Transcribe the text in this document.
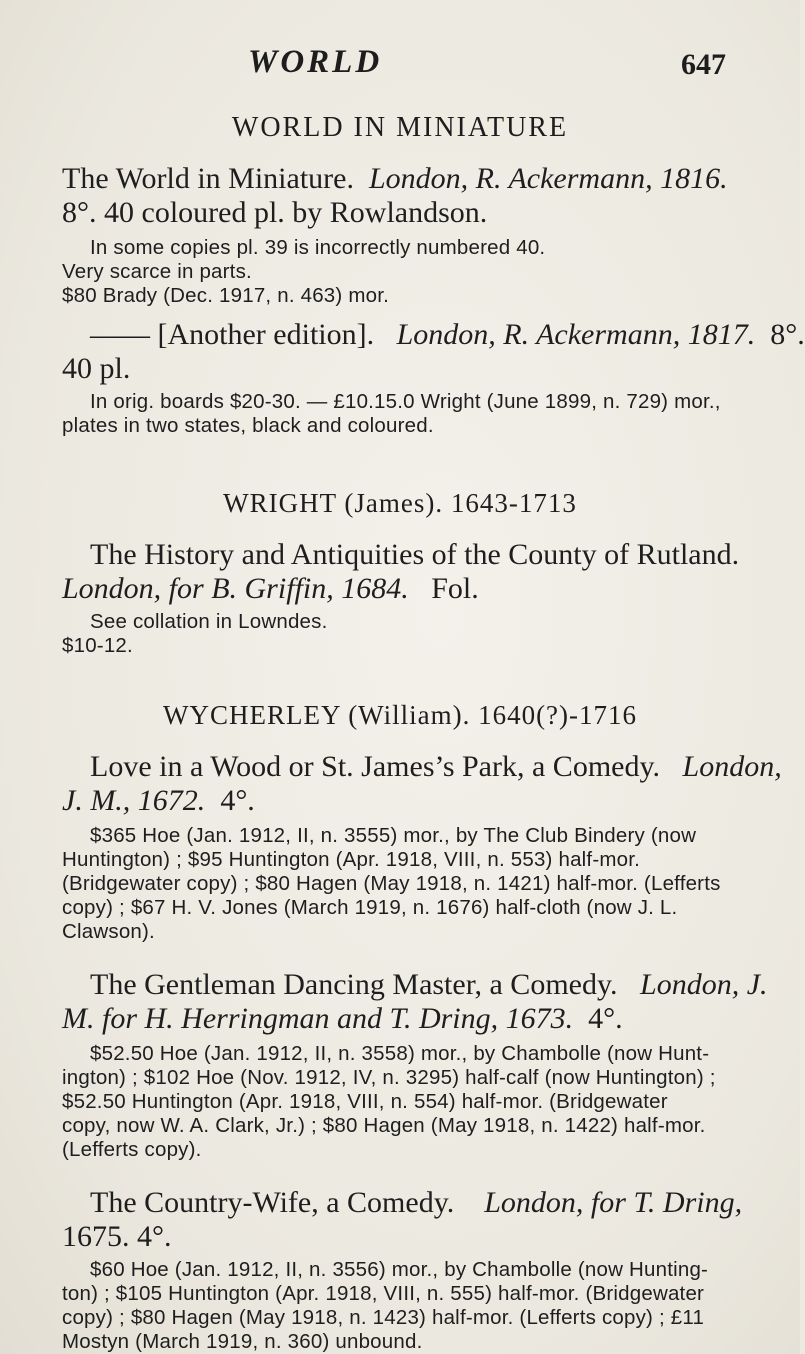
WORLD	647
WORLD IN MINIATURE
The World in Miniature. London, R. Ackermann, 1816.
8°. 40 coloured pl. by Rowlandson.
In some copies pl. 39 is incorrectly numbered 40.
Very scarce in parts.
$80 Brady (Dec. 1917, n. 463) mor.
—— [Another edition]. London, R. Ackermann, 1817. 8°.
40 pl.
In orig. boards $20-30. — £10.15.0 Wright (June 1899, n. 729) mor.,
plates in two states, black and coloured.
WRIGHT (James). 1643-1713
The History and Antiquities of the County of Rutland.
London, for B. Griffin, 1684. Fol.
See collation in Lowndes.
$10-12.
WYCHERLEY (William). 1640(?)-1716
Love in a Wood or St. James’s Park, a Comedy. London,
J. M., 1672. 4°.
$365 Hoe (Jan. 1912, II, n. 3555) mor., by The Club Bindery (now
Huntington) ; $95 Huntington (Apr. 1918, VIII, n. 553) half-mor.
(Bridgewater copy) ; $80 Hagen (May 1918, n. 1421) half-mor. (Lefferts
copy) ; $67 H. V. Jones (March 1919, n. 1676) half-cloth (now J. L.
Clawson).
The Gentleman Dancing Master, a Comedy. London, J.
M. for H. Herringman and T. Dring, 1673. 4°.
$52.50 Hoe (Jan. 1912, II, n. 3558) mor., by Chambolle (now Hunt-
ington) ; $102 Hoe (Nov. 1912, IV, n. 3295) half-calf (now Huntington) ;
$52.50 Huntington (Apr. 1918, VIII, n. 554) half-mor. (Bridgewater
copy, now W. A. Clark, Jr.) ; $80 Hagen (May 1918, n. 1422) half-mor.
(Lefferts copy).
The Country-Wife, a Comedy. London, for T. Dring,
1675. 4°.
$60 Hoe (Jan. 1912, II, n. 3556) mor., by Chambolle (now Hunting-
ton) ; $105 Huntington (Apr. 1918, VIII, n. 555) half-mor. (Bridgewater
copy) ; $80 Hagen (May 1918, n. 1423) half-mor. (Lefferts copy) ; £11
Mostyn (March 1919, n. 360) unbound.
